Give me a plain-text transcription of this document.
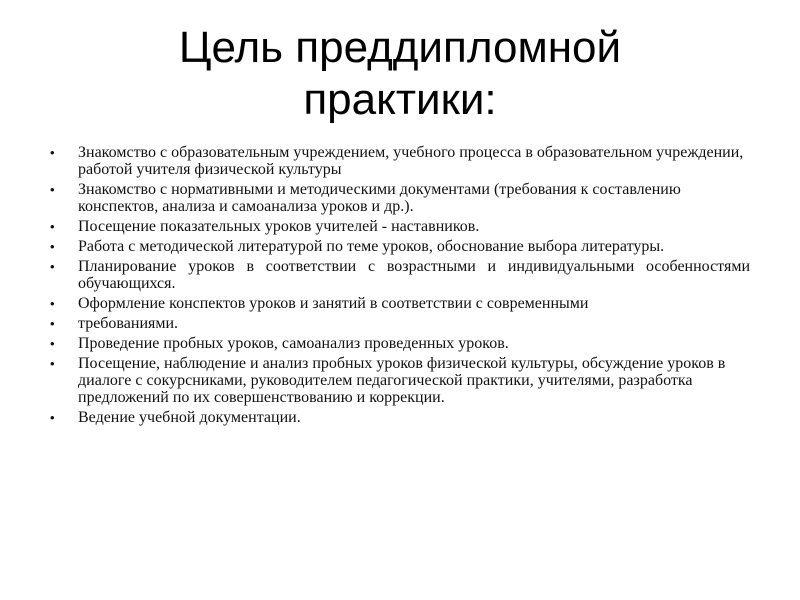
Цель преддипломной
практики:
• Знакомство с образовательным учреждением, учебного процесса в образовательном учреждении, работой учителя физической культуры
• Знакомство с нормативными и методическими документами (требования к составлению конспектов, анализа и самоанализа уроков и др.).
• Посещение показательных уроков учителей - наставников.
• Работа с методической литературой по теме уроков, обоснование выбора литературы.
• Планирование уроков в соответствии с возрастными и индивидуальными особенностями обучающихся.
• Оформление конспектов уроков и занятий в соответствии с современными
• требованиями.
• Проведение пробных уроков, самоанализ проведенных уроков.
• Посещение, наблюдение и анализ пробных уроков физической культуры, обсуждение уроков в диалоге с сокурсниками, руководителем педагогической практики, учителями, разработка предложений по их совершенствованию и коррекции.
• Ведение учебной документации.
